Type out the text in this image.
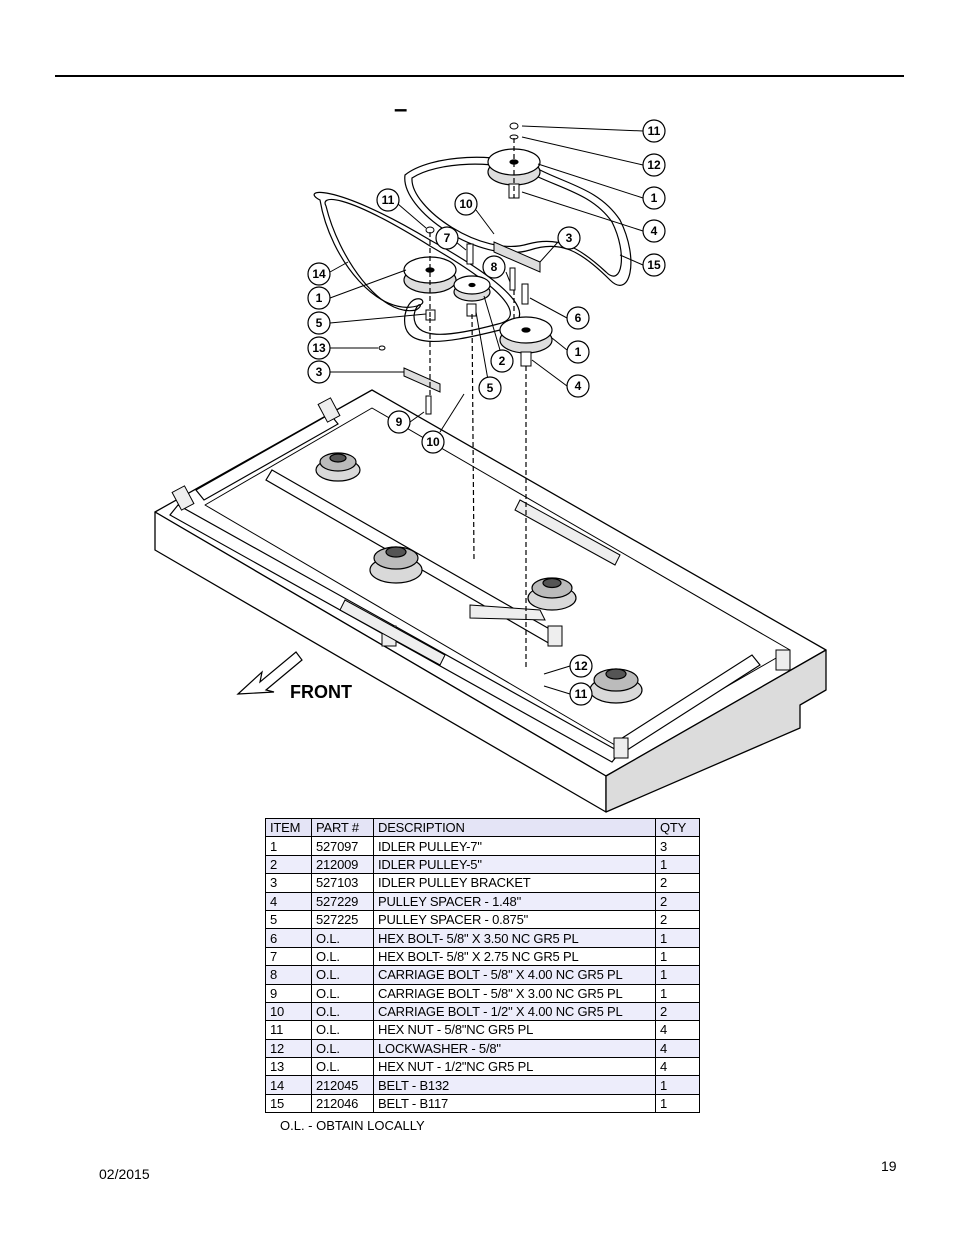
–
FRONT
11
12
1
4
15
3
11	10
7
8
14
1
6
5
13
3
2
1
5	4
9
10
12
11
ITEM	PART #	DESCRIPTION	QTY
1	527097	IDLER PULLEY-7"	3
2	212009	IDLER PULLEY-5"	1
3	527103	IDLER PULLEY BRACKET	2
4	527229	PULLEY SPACER - 1.48"	2
5	527225	PULLEY SPACER - 0.875"	2
6	O.L.	HEX BOLT- 5/8" X 3.50 NC GR5 PL	1
7	O.L.	HEX BOLT- 5/8" X 2.75 NC GR5 PL	1
8	O.L.	CARRIAGE BOLT - 5/8" X 4.00 NC GR5 PL	1
9	O.L.	CARRIAGE BOLT - 5/8" X 3.00 NC GR5 PL	1
10	O.L.	CARRIAGE BOLT - 1/2" X 4.00 NC GR5 PL	2
11	O.L.	HEX NUT - 5/8"NC GR5 PL	4
12	O.L.	LOCKWASHER - 5/8"	4
13	O.L.	HEX NUT - 1/2"NC GR5 PL	4
14	212045	BELT - B132	1
15	212046	BELT - B117	1
O.L. - OBTAIN LOCALLY
02/2015	19
